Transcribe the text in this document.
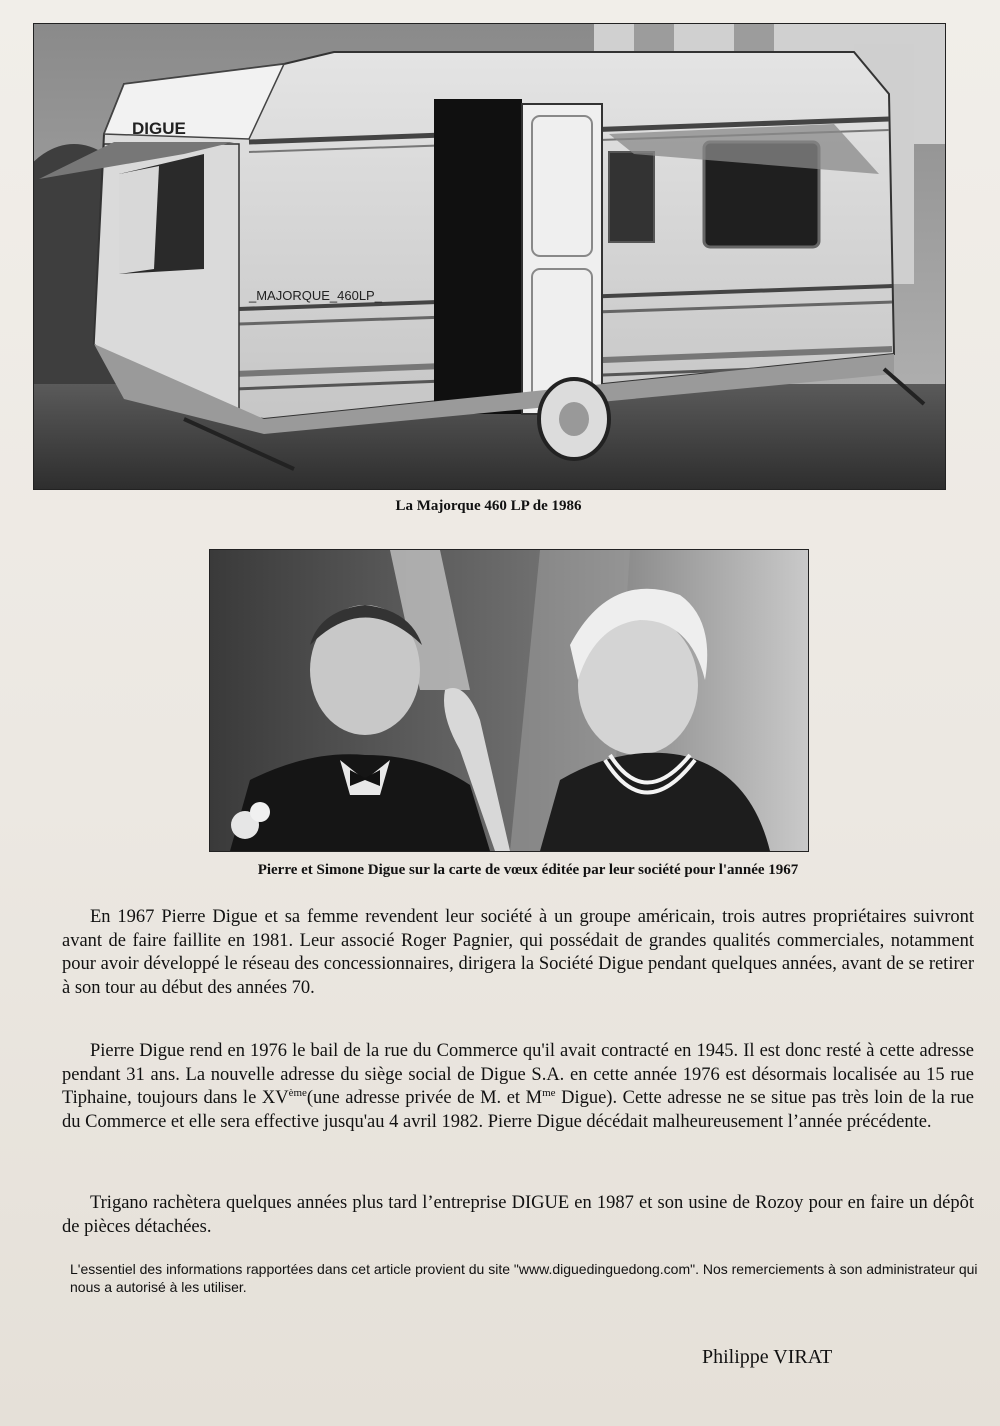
_MAJORQUE_460LP_
DIGUE
La Majorque 460 LP de 1986
Pierre et Simone Digue sur la carte de vœux éditée par leur société pour l'année 1967

En 1967 Pierre Digue et sa femme revendent leur société à un groupe américain, trois autres propriétaires suivront avant de faire faillite en 1981. Leur associé Roger Pagnier, qui possédait de grandes qualités commerciales, notamment pour avoir développé le réseau des concessionnaires, dirigera la Société Digue pendant quelques années, avant de se retirer à son tour au début des années 70.

Pierre Digue rend en 1976 le bail de la rue du Commerce qu'il avait contracté en 1945. Il est donc resté à cette adresse pendant 31 ans. La nouvelle adresse du siège social de Digue S.A. en cette année 1976 est désormais localisée au 15 rue Tiphaine, toujours dans le XVème(une adresse privée de M. et $M^{me}$ Digue). Cette adresse ne se situe pas très loin de la rue du Commerce et elle sera effective jusqu'au 4 avril 1982. Pierre Digue décédait malheureusement l’année précédente.

Trigano rachètera quelques années plus tard l’entreprise DIGUE en 1987 et son usine de Rozoy pour en faire un dépôt de pièces détachées.

L'essentiel des informations rapportées dans cet article provient du site "www.diguedinguedong.com". Nos remerciements à son administrateur qui nous a autorisé à les utiliser.
Philippe VIRAT
